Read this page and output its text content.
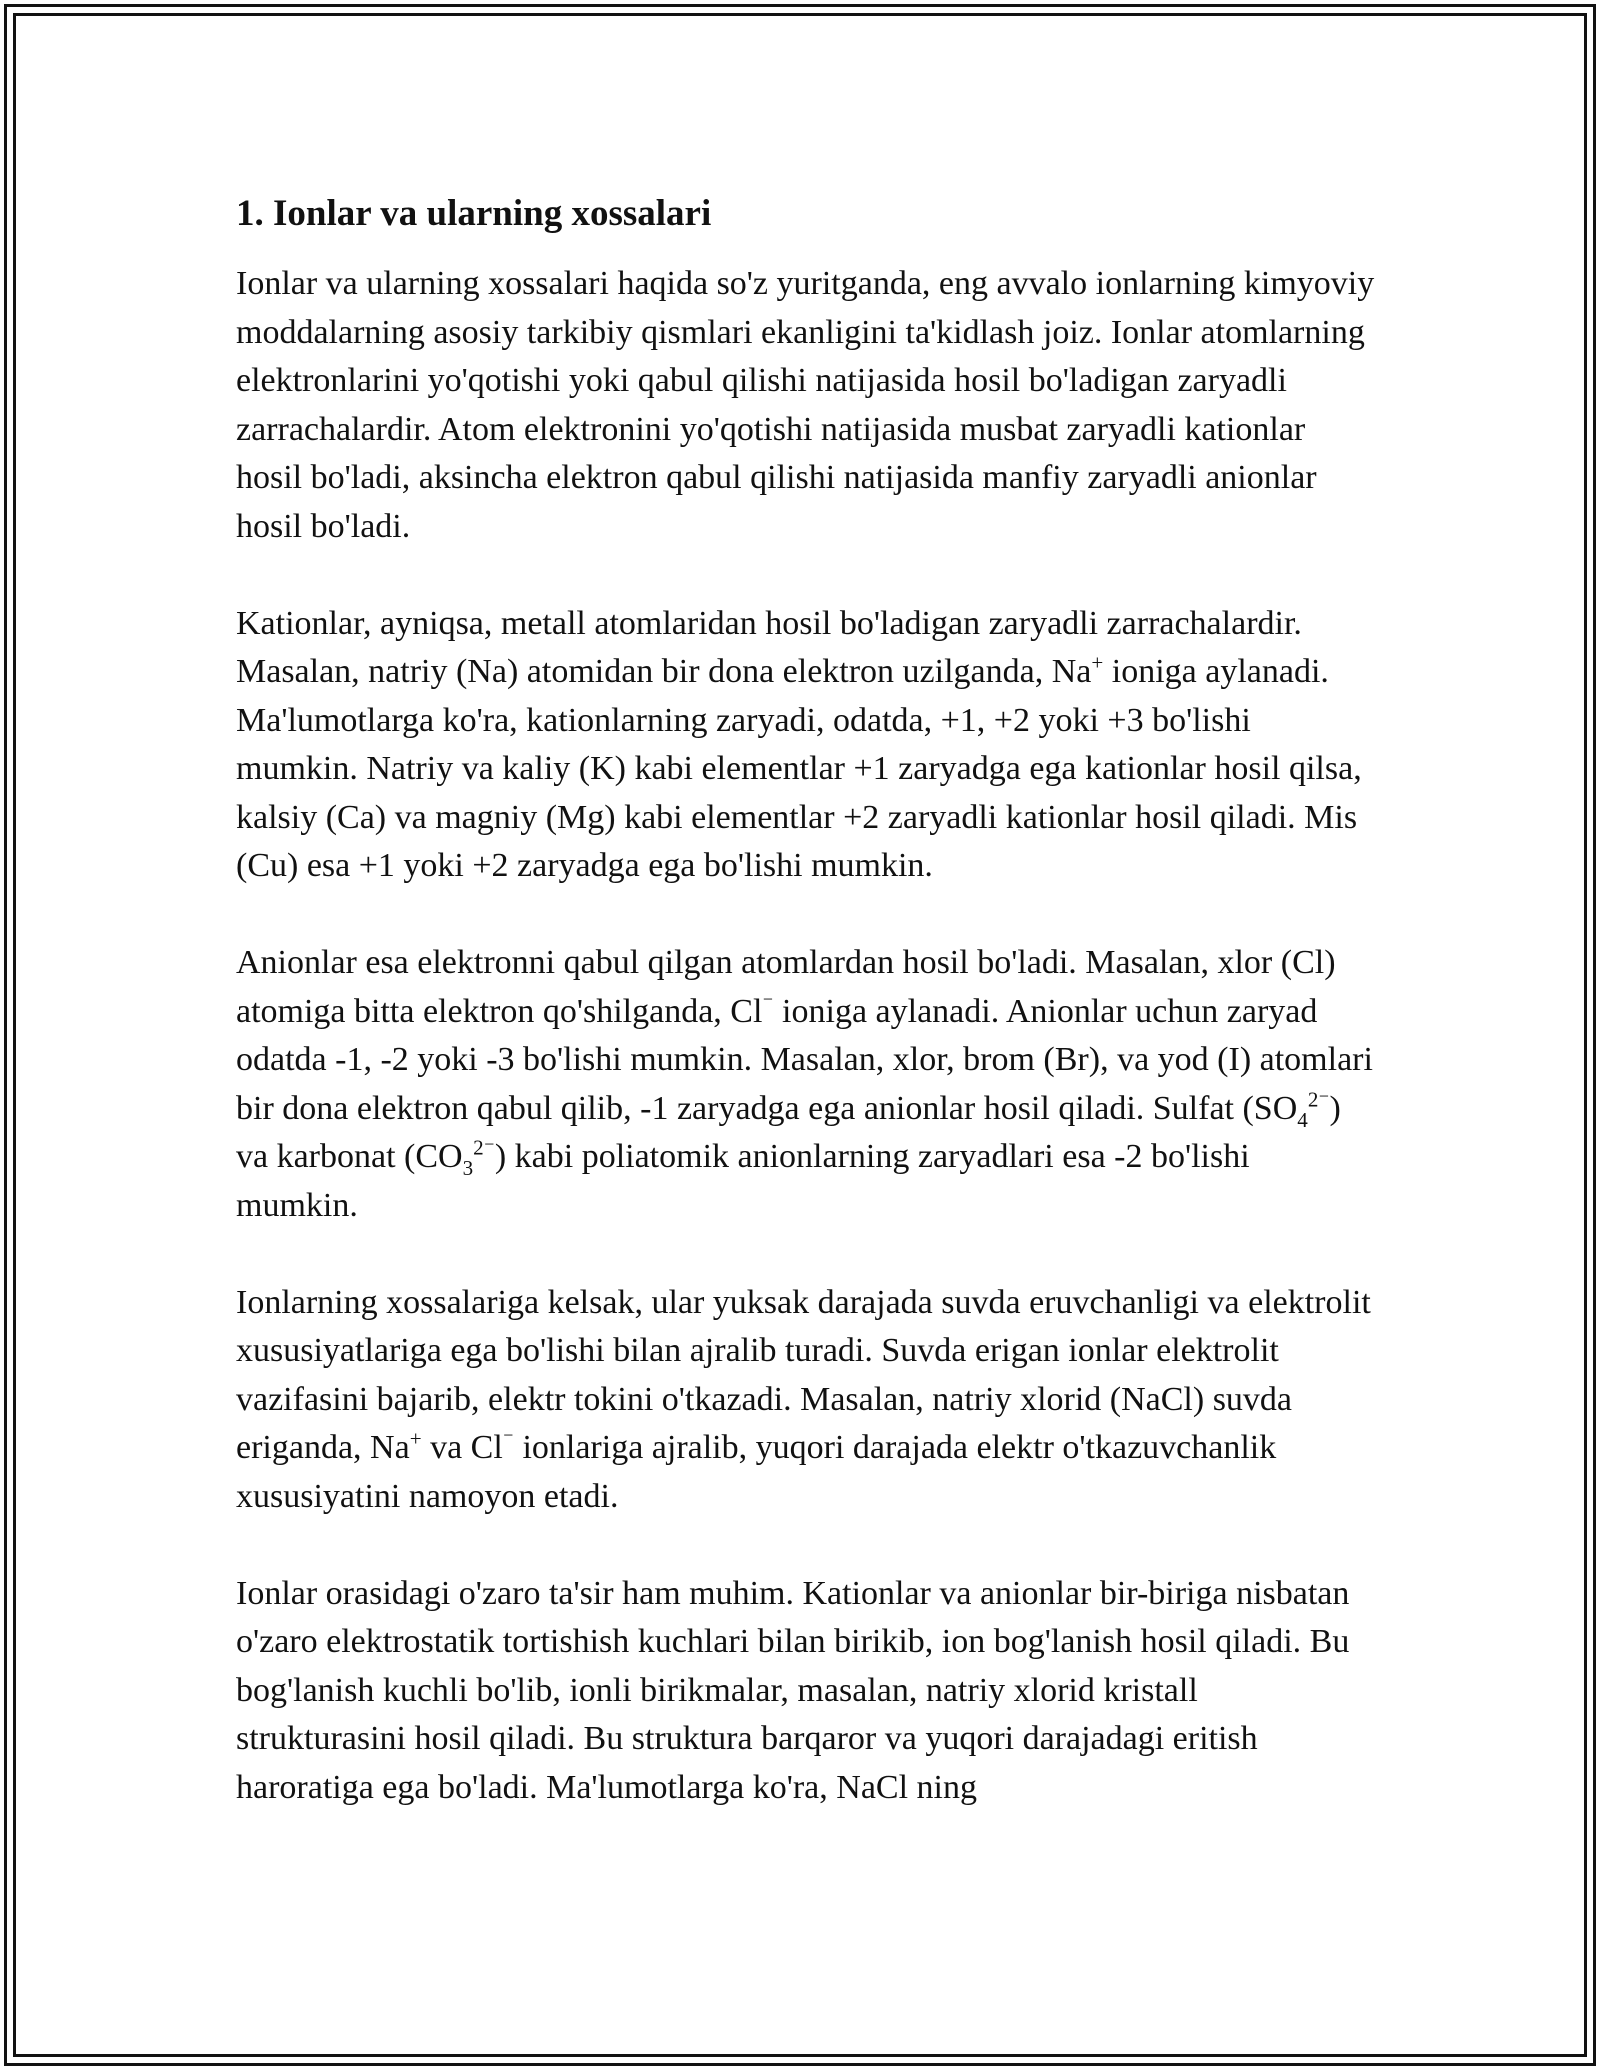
1. Ionlar va ularning xossalari

Ionlar va ularning xossalari haqida so'z yuritganda, eng avvalo ionlarning kimyoviy moddalarning asosiy tarkibiy qismlari ekanligini ta'kidlash joiz. Ionlar atomlarning elektronlarini yo'qotishi yoki qabul qilishi natijasida hosil bo'ladigan zaryadli zarrachalardir. Atom elektronini yo'qotishi natijasida musbat zaryadli kationlar hosil bo'ladi, aksincha elektron qabul qilishi natijasida manfiy zaryadli anionlar hosil bo'ladi.

Kationlar, ayniqsa, metall atomlaridan hosil bo'ladigan zaryadli zarrachalardir. Masalan, natriy (Na) atomidan bir dona elektron uzilganda, Na+ ioniga aylanadi. Ma'lumotlarga ko'ra, kationlarning zaryadi, odatda, +1, +2 yoki +3 bo'lishi mumkin. Natriy va kaliy (K) kabi elementlar +1 zaryadga ega kationlar hosil qilsa, kalsiy (Ca) va magniy (Mg) kabi elementlar +2 zaryadli kationlar hosil qiladi. Mis (Cu) esa +1 yoki +2 zaryadga ega bo'lishi mumkin.

Anionlar esa elektronni qabul qilgan atomlardan hosil bo'ladi. Masalan, xlor (Cl) atomiga bitta elektron qo'shilganda, Cl⁻ ioniga aylanadi. Anionlar uchun zaryad odatda -1, -2 yoki -3 bo'lishi mumkin. Masalan, xlor, brom (Br), va yod (I) atomlari bir dona elektron qabul qilib, -1 zaryadga ega anionlar hosil qiladi. Sulfat $(SO_4^{2^-})$ va karbonat $(CO_3^{2^-})$ kabi poliatomik anionlarning zaryadlari esa -2 bo'lishi mumkin.

Ionlarning xossalariga kelsak, ular yuksak darajada suvda eruvchanligi va elektrolit xususiyatlariga ega bo'lishi bilan ajralib turadi. Suvda erigan ionlar elektrolit vazifasini bajarib, elektr tokini o'tkazadi. Masalan, natriy xlorid (NaCl) suvda eriganda, Na+ va Cl⁻ ionlariga ajralib, yuqori darajada elektr o'tkazuvchanlik xususiyatini namoyon etadi.

Ionlar orasidagi o'zaro ta'sir ham muhim. Kationlar va anionlar bir-biriga nisbatan o'zaro elektrostatik tortishish kuchlari bilan birikib, ion bog'lanish hosil qiladi. Bu bog'lanish kuchli bo'lib, ionli birikmalar, masalan, natriy xlorid kristall strukturasini hosil qiladi. Bu struktura barqaror va yuqori darajadagi eritish haroratiga ega bo'ladi. Ma'lumotlarga ko'ra, NaCl ning
